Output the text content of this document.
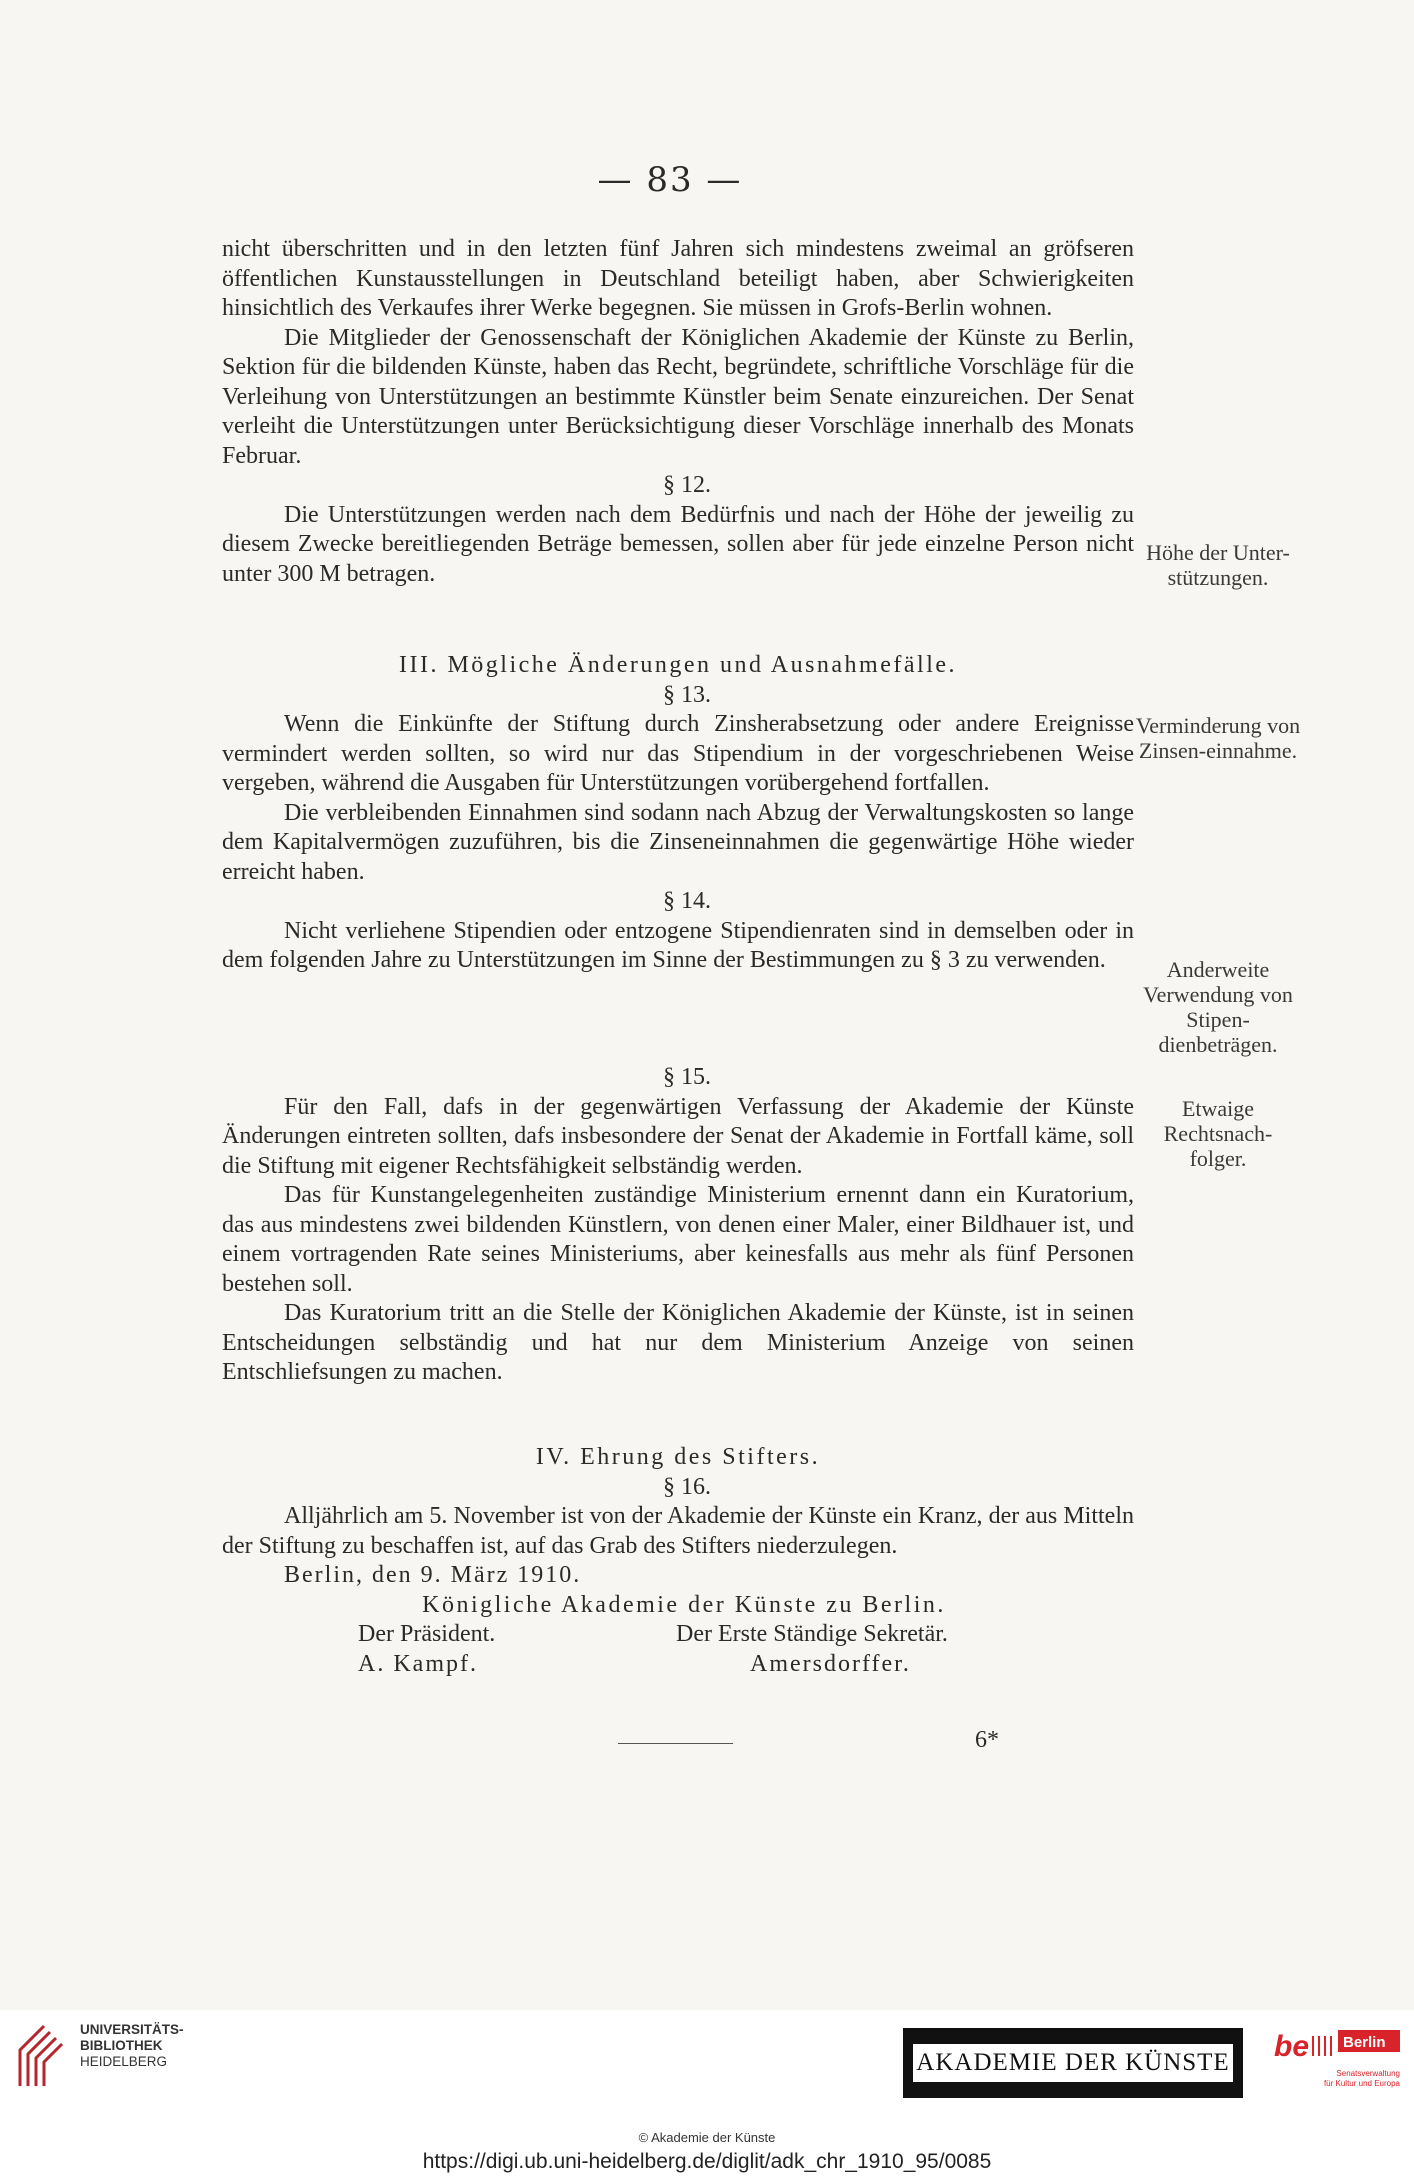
— 83 —

nicht überschritten und in den letzten fünf Jahren sich mindestens zweimal an gröfseren öffentlichen Kunstausstellungen in Deutschland beteiligt haben, aber Schwierigkeiten hinsichtlich des Verkaufes ihrer Werke begegnen. Sie müssen in Grofs-Berlin wohnen.

Die Mitglieder der Genossenschaft der Königlichen Akademie der Künste zu Berlin, Sektion für die bildenden Künste, haben das Recht, begründete, schriftliche Vorschläge für die Verleihung von Unterstützungen an bestimmte Künstler beim Senate einzureichen. Der Senat verleiht die Unterstützungen unter Berücksichtigung dieser Vorschläge innerhalb des Monats Februar.

§ 12.

Die Unterstützungen werden nach dem Bedürfnis und nach der Höhe der jeweilig zu diesem Zwecke bereitliegenden Beträge bemessen, sollen aber für jede einzelne Person nicht unter 300 M betragen.

III. Mögliche Änderungen und Ausnahmefälle.

§ 13.

Wenn die Einkünfte der Stiftung durch Zinsherabsetzung oder andere Ereignisse vermindert werden sollten, so wird nur das Stipendium in der vorgeschriebenen Weise vergeben, während die Ausgaben für Unterstützungen vorübergehend fortfallen.

Die verbleibenden Einnahmen sind sodann nach Abzug der Verwaltungskosten so lange dem Kapitalvermögen zuzuführen, bis die Zinseneinnahmen die gegenwärtige Höhe wieder erreicht haben.

§ 14.

Nicht verliehene Stipendien oder entzogene Stipendienraten sind in demselben oder in dem folgenden Jahre zu Unterstützungen im Sinne der Bestimmungen zu § 3 zu verwenden.

§ 15.

Für den Fall, dafs in der gegenwärtigen Verfassung der Akademie der Künste Änderungen eintreten sollten, dafs insbesondere der Senat der Akademie in Fortfall käme, soll die Stiftung mit eigener Rechtsfähigkeit selbständig werden.

Das für Kunstangelegenheiten zuständige Ministerium ernennt dann ein Kuratorium, das aus mindestens zwei bildenden Künstlern, von denen einer Maler, einer Bildhauer ist, und einem vortragenden Rate seines Ministeriums, aber keinesfalls aus mehr als fünf Personen bestehen soll.

Das Kuratorium tritt an die Stelle der Königlichen Akademie der Künste, ist in seinen Entscheidungen selbständig und hat nur dem Ministerium Anzeige von seinen Entschliefsungen zu machen.

IV. Ehrung des Stifters.

§ 16.

Alljährlich am 5. November ist von der Akademie der Künste ein Kranz, der aus Mitteln der Stiftung zu beschaffen ist, auf das Grab des Stifters niederzulegen.

Berlin, den 9. März 1910.

Königliche Akademie der Künste zu Berlin.

Der Präsident.	Der Erste Ständige Sekretär.
A. Kampf.	Amersdorffer.
6*
Höhe der Unter-stützungen.
Verminderung von Zinsen-einnahme.
Anderweite Verwendung von Stipen-dienbeträgen.
Etwaige Rechtsnach-folger.
UNIVERSITÄTS-
BIBLIOTHEK
HEIDELBERG	AKADEMIE DER KÜNSTE be Berlin
Senatsverwaltung
für Kultur und Europa
© Akademie der Künste
https://digi.ub.uni-heidelberg.de/diglit/adk_chr_1910_95/0085
